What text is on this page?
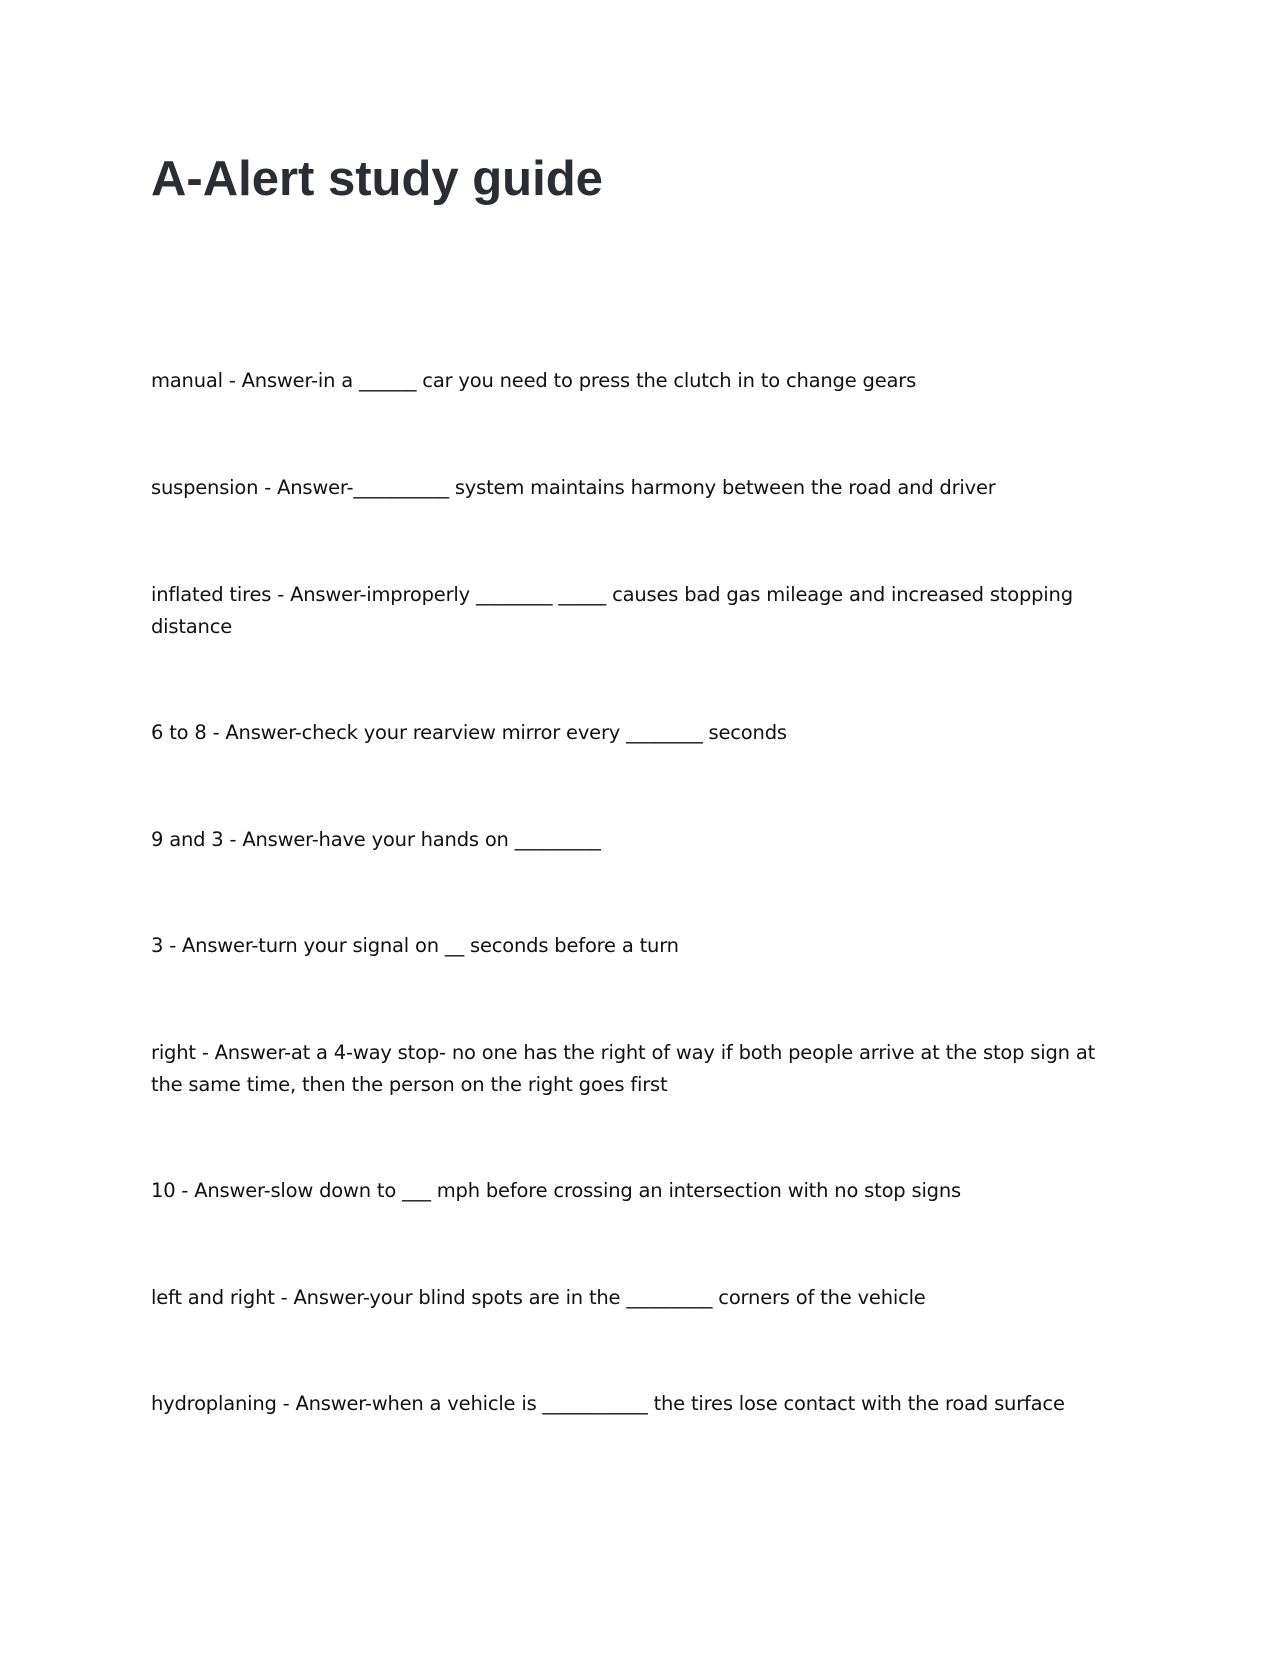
A-Alert study guide

manual - Answer-in a ______ car you need to press the clutch in to change gears

suspension - Answer-__________ system maintains harmony between the road and driver

inflated tires - Answer-improperly ________ _____ causes bad gas mileage and increased stopping distance

6 to 8 - Answer-check your rearview mirror every ________ seconds

9 and 3 - Answer-have your hands on _________

3 - Answer-turn your signal on __ seconds before a turn

right - Answer-at a 4-way stop- no one has the right of way if both people arrive at the stop sign at the same time, then the person on the right goes first

10 - Answer-slow down to ___ mph before crossing an intersection with no stop signs

left and right - Answer-your blind spots are in the _________ corners of the vehicle

hydroplaning - Answer-when a vehicle is ___________ the tires lose contact with the road surface
